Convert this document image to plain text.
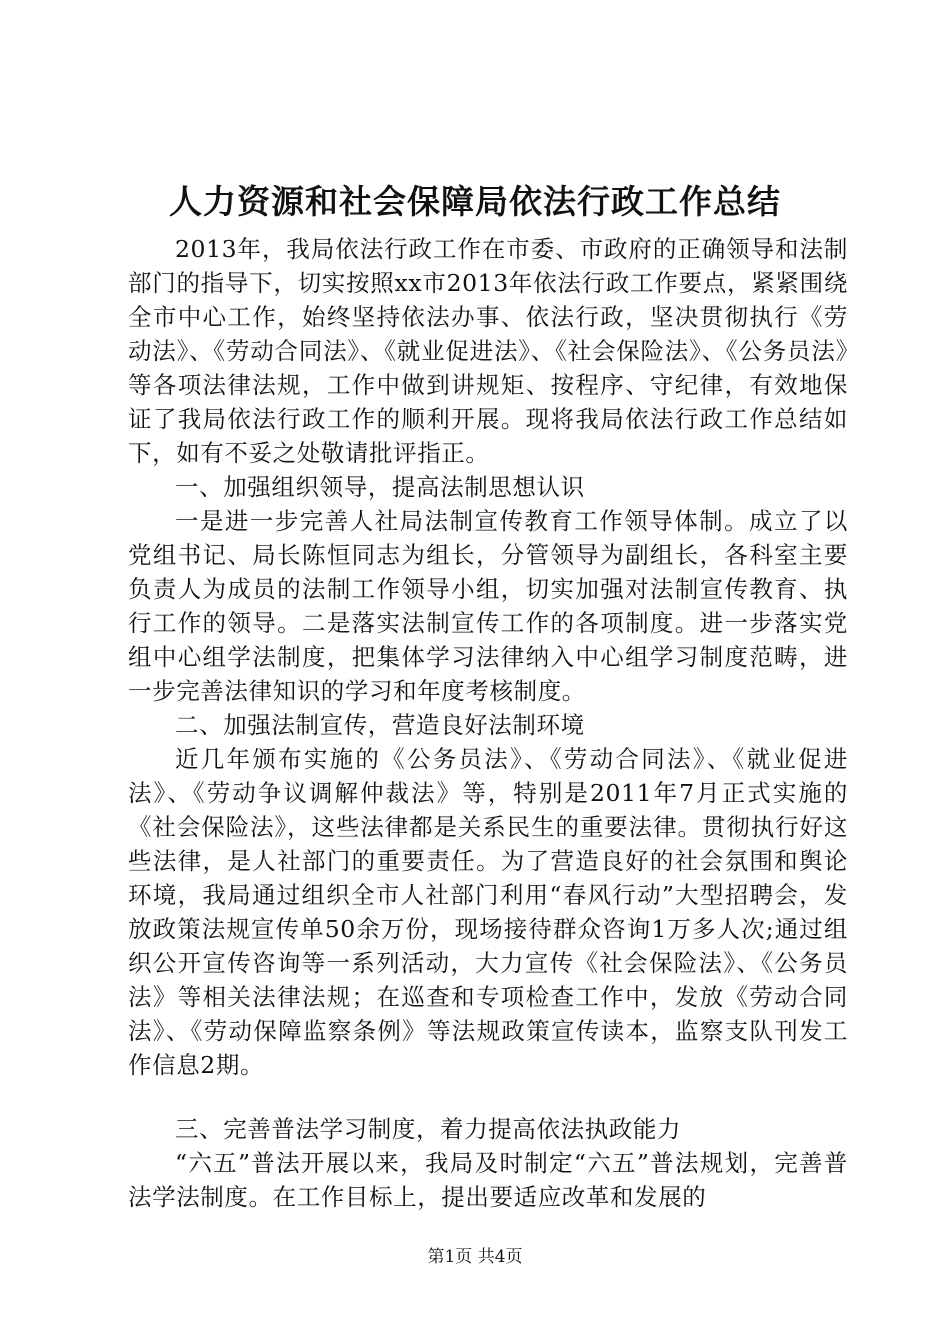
人力资源和社会保障局依法行政工作总结

2013年，我局依法行政工作在市委、市政府的正确领导和法制部门的指导下，切实按照xx市2013年依法行政工作要点，紧紧围绕全市中心工作，始终坚持依法办事、依法行政，坚决贯彻执行《劳动法》、《劳动合同法》、《就业促进法》、《社会保险法》、《公务员法》等各项法律法规，工作中做到讲规矩、按程序、守纪律，有效地保证了我局依法行政工作的顺利开展。现将我局依法行政工作总结如下，如有不妥之处敬请批评指正。

一、加强组织领导，提高法制思想认识

一是进一步完善人社局法制宣传教育工作领导体制。成立了以党组书记、局长陈恒同志为组长，分管领导为副组长，各科室主要负责人为成员的法制工作领导小组，切实加强对法制宣传教育、执行工作的领导。二是落实法制宣传工作的各项制度。进一步落实党组中心组学法制度，把集体学习法律纳入中心组学习制度范畴，进一步完善法律知识的学习和年度考核制度。

二、加强法制宣传，营造良好法制环境

近几年颁布实施的《公务员法》、《劳动合同法》、《就业促进法》、《劳动争议调解仲裁法》等，特别是2011年7月正式实施的《社会保险法》，这些法律都是关系民生的重要法律。贯彻执行好这些法律，是人社部门的重要责任。为了营造良好的社会氛围和舆论环境，我局通过组织全市人社部门利用“春风行动”大型招聘会，发放政策法规宣传单50余万份，现场接待群众咨询1万多人次;通过组织公开宣传咨询等一系列活动，大力宣传《社会保险法》、《公务员法》等相关法律法规；在巡查和专项检查工作中，发放《劳动合同法》、《劳动保障监察条例》等法规政策宣传读本，监察支队刊发工作信息2期。

三、完善普法学习制度，着力提高依法执政能力

“六五”普法开展以来，我局及时制定“六五”普法规划，完善普法学法制度。在工作目标上，提出要适应改革和发展的

第1页 共4页
